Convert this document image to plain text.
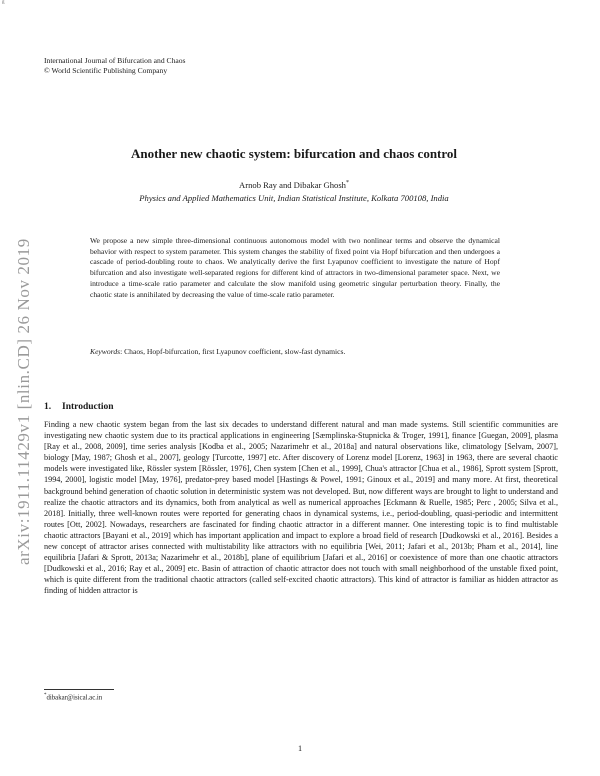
g
International Journal of Bifurcation and Chaos
© World Scientific Publishing Company
arXiv:1911.11429v1 [nlin.CD] 26 Nov 2019
Another new chaotic system: bifurcation and chaos control
Arnob Ray and Dibakar Ghosh*
Physics and Applied Mathematics Unit, Indian Statistical Institute, Kolkata 700108, India

We propose a new simple three-dimensional continuous autonomous model with two nonlinear terms and observe the dynamical behavior with respect to system parameter. This system changes the stability of fixed point via Hopf bifurcation and then undergoes a cascade of period-doubling route to chaos. We analytically derive the first Lyapunov coefficient to investigate the nature of Hopf bifurcation and also investigate well-separated regions for different kind of attractors in two-dimensional parameter space. Next, we introduce a time-scale ratio parameter and calculate the slow manifold using geometric singular perturbation theory. Finally, the chaotic state is annihilated by decreasing the value of time-scale ratio parameter.

Keywords: Chaos, Hopf-bifurcation, first Lyapunov coefficient, slow-fast dynamics.
1. Introduction

Finding a new chaotic system began from the last six decades to understand different natural and man made systems. Still scientific communities are investigating new chaotic system due to its practical applications in engineering [Sæmplinska-Stupnicka & Troger, 1991], finance [Guegan, 2009], plasma [Ray et al., 2008, 2009], time series analysis [Kodba et al., 2005; Nazarimehr et al., 2018a] and natural observations like, climatology [Selvam, 2007], biology [May, 1987; Ghosh et al., 2007], geology [Turcotte, 1997] etc. After discovery of Lorenz model [Lorenz, 1963] in 1963, there are several chaotic models were investigated like, Rössler system [Rössler, 1976], Chen system [Chen et al., 1999], Chua's attractor [Chua et al., 1986], Sprott system [Sprott, 1994, 2000], logistic model [May, 1976], predator-prey based model [Hastings & Powel, 1991; Ginoux et al., 2019] and many more. At first, theoretical background behind generation of chaotic solution in deterministic system was not developed. But, now different ways are brought to light to understand and realize the chaotic attractors and its dynamics, both from analytical as well as numerical approaches [Eckmann & Ruelle, 1985; Perc , 2005; Silva et al., 2018]. Initially, three well-known routes were reported for generating chaos in dynamical systems, i.e., period-doubling, quasi-periodic and intermittent routes [Ott, 2002]. Nowadays, researchers are fascinated for finding chaotic attractor in a different manner. One interesting topic is to find multistable chaotic attractors [Bayani et al., 2019] which has important application and impact to explore a broad field of research [Dudkowski et al., 2016]. Besides a new concept of attractor arises connected with multistability like attractors with no equilibria [Wei, 2011; Jafari et al., 2013b; Pham et al., 2014], line equilibria [Jafari & Sprott, 2013a; Nazarimehr et al., 2018b], plane of equilibrium [Jafari et al., 2016] or coexistence of more than one chaotic attractors [Dudkowski et al., 2016; Ray et al., 2009] etc. Basin of attraction of chaotic attractor does not touch with small neighborhood of the unstable fixed point, which is quite different from the traditional chaotic attractors (called self-excited chaotic attractors). This kind of attractor is familiar as hidden attractor as finding of hidden attractor is

*dibakar@isical.ac.in
1
